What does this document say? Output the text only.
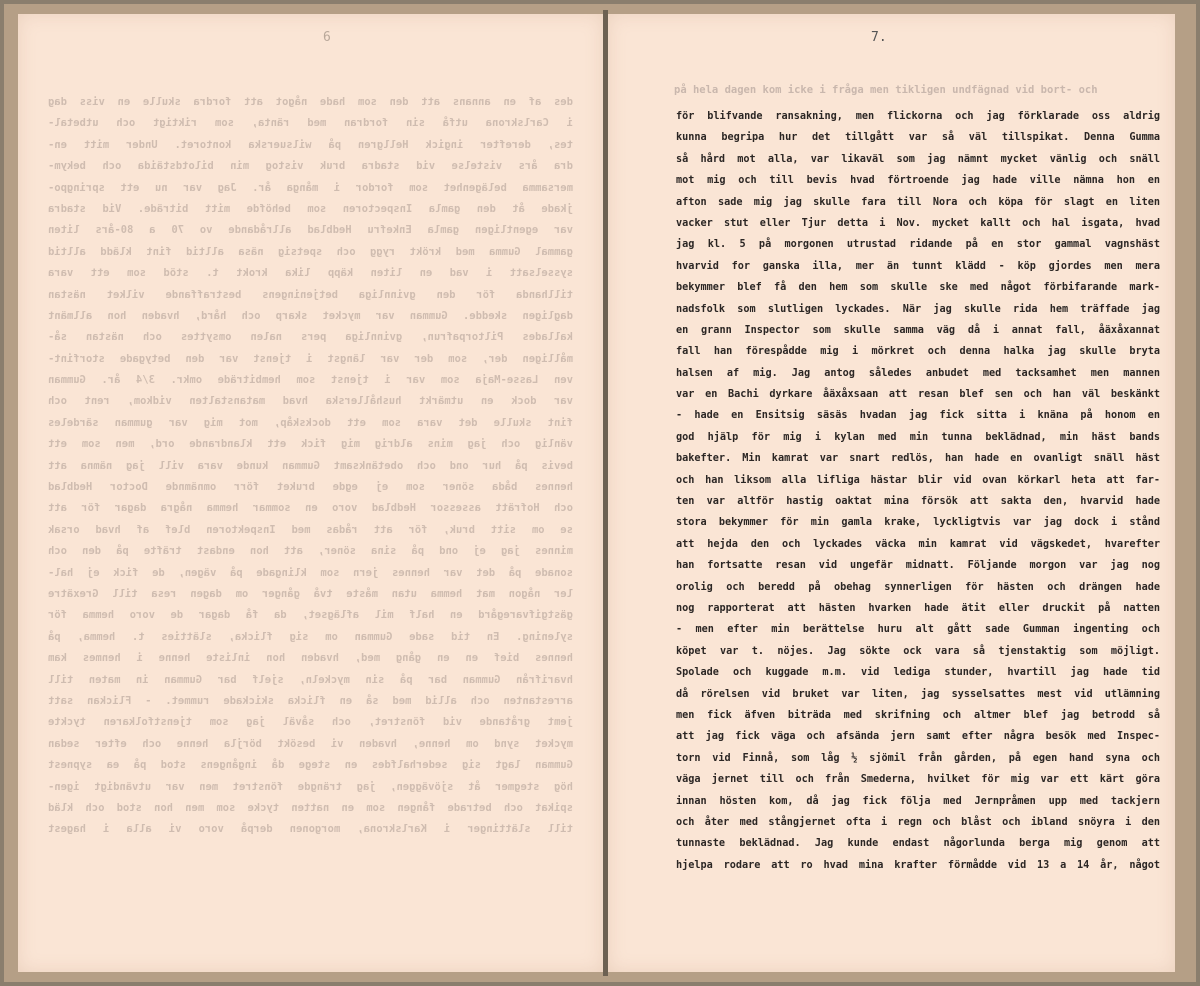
6
des af en annans att den som hade något att fordra skulle en viss dag
i Carlskrona utfå sin fordran med ränta, som riktigt och utbetal-
tes, derefter ingick Hellgren på wilsuerska kontoret. Under mitt en-
dra års vistelse vid stadra bruk vistog min bilotdstäida och bekym-
mersamma belägenhet som fordor i många år. Jag var nu ett springpo-
jkade åt den gamla Inspectoren som behöfde mitt biträde. Vid stadra
var egentligen gamla Enkefru Hedblad allrådande vo 70 a 80-års liten
gammal Gumma med krökt rygg och spetsig näsa alltid fint klädd alltid
sysselsatt i vad en liten käpp lika krokt t. stöd som ett vara
tillhanda för den gvinnliga betjeningens bestraffande vilket nästan
dagligen skedde. Gumman var mycket skarp och hård, hvaden hon allmänt
kallades Piltorpafrun, gvinnliga pers nalen omsyttes och nästan så-
målligen der, som der var längst i tjenst var den betygade storfint-
ven Lasse-Maja som var i tjenst som hembiträde omkr. 3/4 år. Gumman
var dock en utmärkt hushållerska hvad matanstalten vidkom, rent och
fint skulle det vara som ett dockskåp, mot mig var gumman särdeles
vänlig och jag mins aldrig mig fick ett klandrande ord, men som ett
bevis på hur ond och obetänksamt Gumman kunde vara vill jag nämna att
hennes båda söner som ej egde bruket förr omnämnde Doctor Hedblad
och Hofrätt assessor Hedblad voro en sommar hemma några dagar för att
se om sitt bruk, för att rådas med Inspektoren blef af hvad orsak
minnes jag ej ond på sina söner, att hon endast träfte på den och
sonade på det var hennes jern som klingade på vägen, de fick ej hal-
ler någon mat hemma utan måste två gånger om dagen resa till Grexätre
gästgifvaregård en half mil aflägset, da få dagar de voro hemma för
sylening. En tid sade Gumman om sig flicka, slätties t. hemma, på
hennes bief en en gång med, hvaden hon inliste henne i henmes kam
hvarifrån Gumman bar på sin myckeln, sjelf bar Gumman in maten till
arrestanten och allid med så en flicka skickade rummet. - Flickan satt
jemt gråtande vid fönstret, och såväl jag som tjenstfolkaren tyckte
mycket synd om henne, hvaden vi besökt börjla henne och efter sedan
Gumman lagt sig sederhalfdes en stege då ingångens stod på ea sypnest
hög stegmer åt sjöväggen, jag trängde fönstret men var utvändigt igen-
spikat och betrade fången som en natten tycke som men hon stod och kläd
till slättinger i Karlskrona, morgonen derpå voro vi alla i hagest
7.
på hela dagen kom icke i fråga men tikligen undfägnad vid bort- och
för blifvande ransakning, men flickorna och jag förklarade oss aldrig
kunna begripa hur det tillgått var så väl tillspikat. Denna Gumma
så hård mot alla, var likaväl som jag nämnt mycket vänlig och snäll
mot mig och till bevis hvad förtroende jag hade ville nämna hon en
afton sade mig jag skulle fara till Nora och köpa för slagt en liten
vacker stut eller Tjur detta i Nov. mycket kallt och hal isgata, hvad
jag kl. 5 på morgonen utrustad ridande på en stor gammal vagnshäst
hvarvid for ganska illa, mer än tunnt klädd - köp gjordes men mera
bekymmer blef få den hem som skulle ske med något förbifarande mark-
nadsfolk som slutligen lyckades. När jag skulle rida hem träffade jag
en grann Inspector som skulle samma väg då i annat fall, åäxåxannat
fall han förespådde mig i mörkret och denna halka jag skulle bryta
halsen af mig. Jag antog således anbudet med tacksamhet men mannen
var en Bachi dyrkare åäxåxsaan att resan blef sen och han väl beskänkt
- hade en Ensitsig säsäs hvadan jag fick sitta i knäna på honom en
god hjälp för mig i kylan med min tunna beklädnad, min häst bands
bakefter. Min kamrat var snart redlös, han hade en ovanligt snäll häst
och han liksom alla lifliga hästar blir vid ovan körkarl heta att far-
ten var altför hastig oaktat mina försök att sakta den, hvarvid hade
stora bekymmer för min gamla krake, lyckligtvis var jag dock i stånd
att hejda den och lyckades väcka min kamrat vid vägskedet, hvarefter
han fortsatte resan vid ungefär midnatt. Följande morgon var jag nog
orolig och beredd på obehag synnerligen för hästen och drängen hade
nog rapporterat att hästen hvarken hade ätit eller druckit på natten
- men efter min berättelse huru alt gått sade Gumman ingenting och
köpet var t. nöjes. Jag sökte ock vara så tjenstaktig som möjligt.
Spolade och kuggade m.m. vid lediga stunder, hvartill jag hade tid
då rörelsen vid bruket var liten, jag sysselsattes mest vid utlämning
men fick äfven biträda med skrifning och altmer blef jag betrodd så
att jag fick väga och afsända jern samt efter några besök med Inspec-
torn vid Finnå, som låg ½ sjömil från gården, på egen hand syna och
väga jernet till och från Smederna, hvilket för mig var ett kärt göra
innan hösten kom, då jag fick följa med Jernpråmen upp med tackjern
och åter med stångjernet ofta i regn och blåst och ibland snöyra i den
tunnaste beklädnad. Jag kunde endast någorlunda berga mig genom att
hjelpa rodare att ro hvad mina krafter förmådde vid 13 a 14 år, något
